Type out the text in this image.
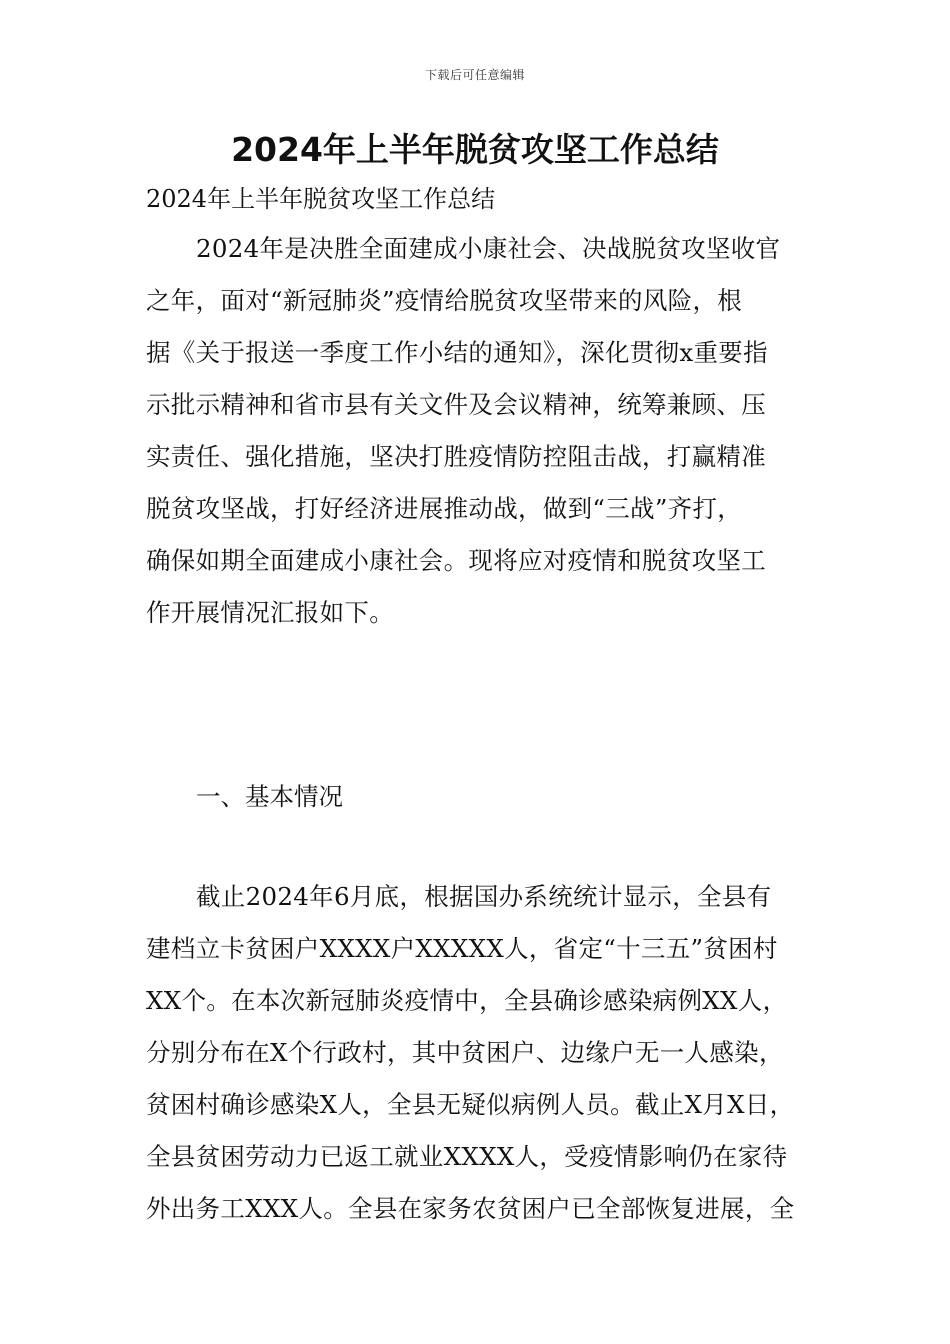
下载后可任意编辑
2024年上半年脱贫攻坚工作总结
2024年上半年脱贫攻坚工作总结
2024年是决胜全面建成小康社会、决战脱贫攻坚收官
之年，面对“新冠肺炎”疫情给脱贫攻坚带来的风险，根
据《关于报送一季度工作小结的通知》，深化贯彻x重要指
示批示精神和省市县有关文件及会议精神，统筹兼顾、压
实责任、强化措施，坚决打胜疫情防控阻击战，打赢精准
脱贫攻坚战，打好经济进展推动战，做到“三战”齐打，
确保如期全面建成小康社会。现将应对疫情和脱贫攻坚工
作开展情况汇报如下。
一、基本情况
截止2024年6月底，根据国办系统统计显示，全县有
建档立卡贫困户XXXX户XXXXX人，省定“十三五”贫困村
XX个。在本次新冠肺炎疫情中，全县确诊感染病例XX人，
分别分布在X个行政村，其中贫困户、边缘户无一人感染，
贫困村确诊感染X人，全县无疑似病例人员。截止X月X日，
全县贫困劳动力已返工就业XXXX人，受疫情影响仍在家待
外出务工XXX人。全县在家务农贫困户已全部恢复进展，全
